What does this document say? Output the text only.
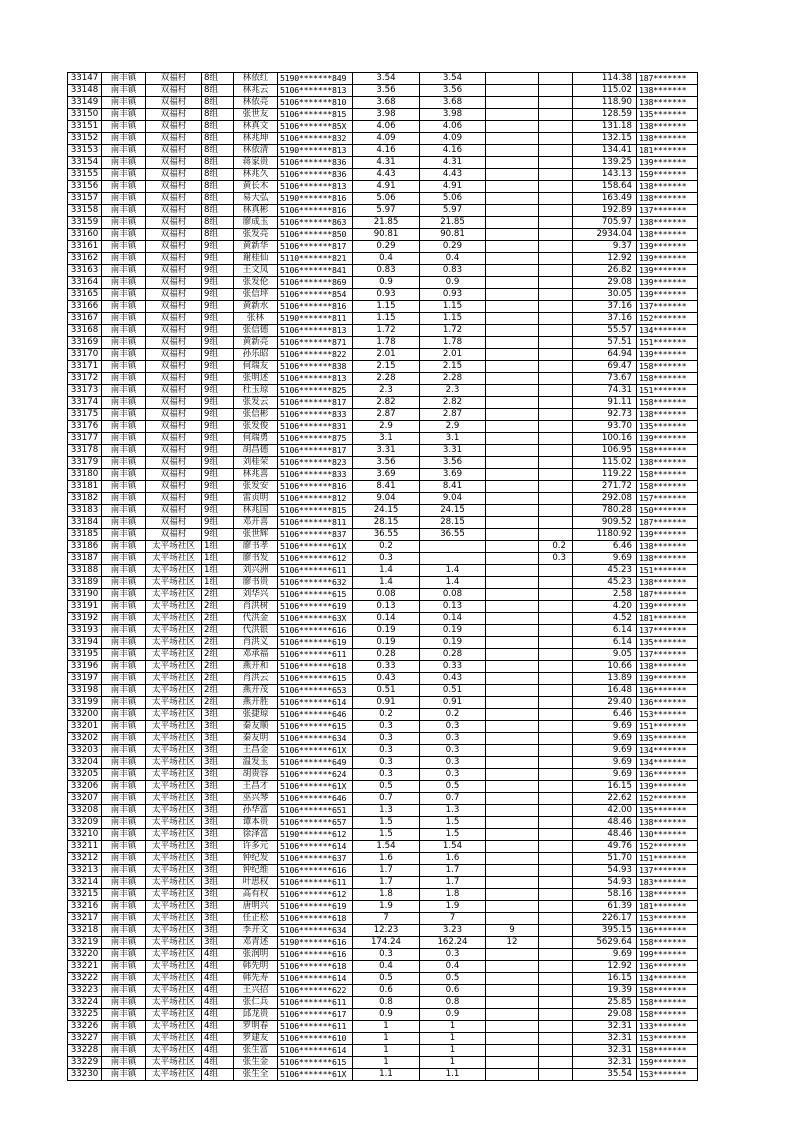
33147	南丰镇	双福村	8组	林依红	5190*******849	3.54	3.54			114.38	187*******
33148	南丰镇	双福村	8组	林兆云	5106*******813	3.56	3.56			115.02	138*******
33149	南丰镇	双福村	8组	林依亮	5106*******810	3.68	3.68			118.90	138*******
33150	南丰镇	双福村	8组	张世友	5106*******815	3.98	3.98			128.59	135*******
33151	南丰镇	双福村	8组	林真文	5106*******85X	4.06	4.06			131.18	138*******
33152	南丰镇	双福村	8组	林兆坤	5106*******832	4.09	4.09			132.15	138*******
33153	南丰镇	双福村	8组	林依清	5190*******813	4.16	4.16			134.41	181*******
33154	南丰镇	双福村	8组	蒋家贵	5106*******836	4.31	4.31			139.25	139*******
33155	南丰镇	双福村	8组	林兆久	5106*******836	4.43	4.43			143.13	159*******
33156	南丰镇	双福村	8组	黄长木	5106*******813	4.91	4.91			158.64	138*******
33157	南丰镇	双福村	8组	易大弘	5190*******816	5.06	5.06			163.49	138*******
33158	南丰镇	双福村	8组	林真彬	5106*******816	5.97	5.97			192.89	137*******
33159	南丰镇	双福村	8组	廖成玉	5106*******863	21.85	21.85			705.97	138*******
33160	南丰镇	双福村	8组	张发亮	5106*******850	90.81	90.81			2934.04	138*******
33161	南丰镇	双福村	9组	黄新华	5106*******817	0.29	0.29			9.37	139*******
33162	南丰镇	双福村	9组	谢桂仙	5110*******821	0.4	0.4			12.92	139*******
33163	南丰镇	双福村	9组	王文凤	5106*******841	0.83	0.83			26.82	139*******
33164	南丰镇	双福村	9组	张发伦	5106*******869	0.9	0.9			29.08	139*******
33165	南丰镇	双福村	9组	张信坪	5106*******854	0.93	0.93			30.05	139*******
33166	南丰镇	双福村	9组	黄新水	5106*******816	1.15	1.15			37.16	137*******
33167	南丰镇	双福村	9组	张林	5190*******811	1.15	1.15			37.16	152*******
33168	南丰镇	双福村	9组	张信德	5106*******813	1.72	1.72			55.57	134*******
33169	南丰镇	双福村	9组	黄新亮	5106*******871	1.78	1.78			57.51	151*******
33170	南丰镇	双福村	9组	孙乐昭	5106*******822	2.01	2.01			64.94	139*******
33171	南丰镇	双福村	9组	何瑞友	5106*******838	2.15	2.15			69.47	158*******
33172	南丰镇	双福村	9组	张明述	5106*******813	2.28	2.28			73.67	158*******
33173	南丰镇	双福村	9组	杜玉琼	5106*******825	2.3	2.3			74.31	151*******
33174	南丰镇	双福村	9组	张发云	5106*******817	2.82	2.82			91.11	158*******
33175	南丰镇	双福村	9组	张信彬	5106*******833	2.87	2.87			92.73	138*******
33176	南丰镇	双福村	9组	张发俊	5106*******831	2.9	2.9			93.70	135*******
33177	南丰镇	双福村	9组	何瑞勇	5106*******875	3.1	3.1			100.16	139*******
33178	南丰镇	双福村	9组	胡昌德	5106*******817	3.31	3.31			106.95	158*******
33179	南丰镇	双福村	9组	刘桂荣	5106*******823	3.56	3.56			115.02	138*******
33180	南丰镇	双福村	9组	林兆喜	5106*******833	3.69	3.69			119.22	158*******
33181	南丰镇	双福村	9组	张发安	5106*******816	8.41	8.41			271.72	158*******
33182	南丰镇	双福村	9组	雷贞明	5106*******812	9.04	9.04			292.08	157*******
33183	南丰镇	双福村	9组	林兆国	5106*******815	24.15	24.15			780.28	150*******
33184	南丰镇	双福村	9组	邓开喜	5106*******811	28.15	28.15			909.52	187*******
33185	南丰镇	双福村	9组	张世辉	5106*******837	36.55	36.55			1180.92	139*******
33186	南丰镇	太平场社区	1组	廖书孝	5106*******61X	0.2			0.2	6.46	138*******
33187	南丰镇	太平场社区	1组	廖书发	5106*******612	0.3			0.3	9.69	138*******
33188	南丰镇	太平场社区	1组	刘兴洲	5106*******611	1.4	1.4			45.23	151*******
33189	南丰镇	太平场社区	1组	廖书贵	5106*******632	1.4	1.4			45.23	138*******
33190	南丰镇	太平场社区	2组	刘华兴	5106*******615	0.08	0.08			2.58	187*******
33191	南丰镇	太平场社区	2组	肖洪树	5106*******619	0.13	0.13			4.20	139*******
33192	南丰镇	太平场社区	2组	代洪金	5106*******63X	0.14	0.14			4.52	181*******
33193	南丰镇	太平场社区	2组	代洪银	5106*******616	0.19	0.19			6.14	137*******
33194	南丰镇	太平场社区	2组	肖洪义	5106*******619	0.19	0.19			6.14	135*******
33195	南丰镇	太平场社区	2组	邓承福	5106*******611	0.28	0.28			9.05	137*******
33196	南丰镇	太平场社区	2组	燕开和	5106*******618	0.33	0.33			10.66	138*******
33197	南丰镇	太平场社区	2组	肖洪云	5106*******615	0.43	0.43			13.89	139*******
33198	南丰镇	太平场社区	2组	燕开茂	5106*******653	0.51	0.51			16.48	136*******
33199	南丰镇	太平场社区	2组	燕开胜	5106*******614	0.91	0.91			29.40	136*******
33200	南丰镇	太平场社区	3组	张捷琼	5106*******646	0.2	0.2			6.46	153*******
33201	南丰镇	太平场社区	3组	秦友顺	5106*******615	0.3	0.3			9.69	151*******
33202	南丰镇	太平场社区	3组	秦友明	5106*******634	0.3	0.3			9.69	135*******
33203	南丰镇	太平场社区	3组	王昌金	5106*******61X	0.3	0.3			9.69	134*******
33204	南丰镇	太平场社区	3组	温发玉	5106*******649	0.3	0.3			9.69	134*******
33205	南丰镇	太平场社区	3组	胡贵容	5106*******624	0.3	0.3			9.69	136*******
33206	南丰镇	太平场社区	3组	王昌才	5106*******61X	0.5	0.5			16.15	139*******
33207	南丰镇	太平场社区	3组	巫兴琴	5106*******646	0.7	0.7			22.62	152*******
33208	南丰镇	太平场社区	3组	孙华富	5106*******651	1.3	1.3			42.00	135*******
33209	南丰镇	太平场社区	3组	谭本贵	5106*******657	1.5	1.5			48.46	138*******
33210	南丰镇	太平场社区	3组	徐泽富	5190*******612	1.5	1.5			48.46	130*******
33211	南丰镇	太平场社区	3组	许多元	5106*******614	1.54	1.54			49.76	152*******
33212	南丰镇	太平场社区	3组	钟纪发	5106*******637	1.6	1.6			51.70	151*******
33213	南丰镇	太平场社区	3组	钟纪维	5106*******616	1.7	1.7			54.93	137*******
33214	南丰镇	太平场社区	3组	叶思权	5106*******611	1.7	1.7			54.93	183*******
33215	南丰镇	太平场社区	3组	高有权	5106*******612	1.8	1.8			58.16	138*******
33216	南丰镇	太平场社区	3组	唐明兴	5106*******619	1.9	1.9			61.39	181*******
33217	南丰镇	太平场社区	3组	任正松	5106*******618	7	7			226.17	153*******
33218	南丰镇	太平场社区	3组	李开文	5106*******634	12.23	3.23	9		395.15	136*******
33219	南丰镇	太平场社区	3组	邓青述	5190*******616	174.24	162.24	12		5629.64	158*******
33220	南丰镇	太平场社区	4组	张润明	5106*******616	0.3	0.3			9.69	199*******
33221	南丰镇	太平场社区	4组	韩先明	5106*******618	0.4	0.4			12.92	136*******
33222	南丰镇	太平场社区	4组	韩先寿	5106*******614	0.5	0.5			16.15	134*******
33223	南丰镇	太平场社区	4组	王兴招	5106*******622	0.6	0.6			19.39	158*******
33224	南丰镇	太平场社区	4组	张仁兵	5106*******611	0.8	0.8			25.85	158*******
33225	南丰镇	太平场社区	4组	邱龙贵	5106*******617	0.9	0.9			29.08	158*******
33226	南丰镇	太平场社区	4组	罗明春	5106*******611	1	1			32.31	133*******
33227	南丰镇	太平场社区	4组	罗建友	5106*******610	1	1			32.31	153*******
33228	南丰镇	太平场社区	4组	张生富	5106*******614	1	1			32.31	158*******
33229	南丰镇	太平场社区	4组	张生金	5106*******615	1	1			32.31	159*******
33230	南丰镇	太平场社区	4组	张生全	5106*******61X	1.1	1.1			35.54	153*******
